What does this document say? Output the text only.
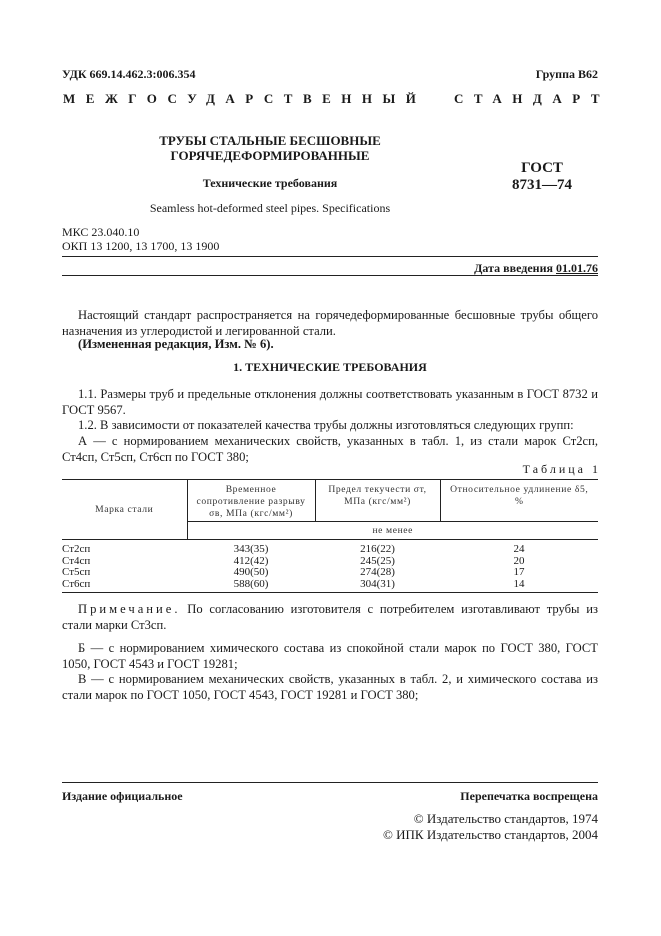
УДК 669.14.462.3:006.354	Группа В62
МЕЖГОСУДАРСТВЕННЫЙ СТАНДАРТ
ТРУБЫ СТАЛЬНЫЕ БЕСШОВНЫЕ
ГОРЯЧЕДЕФОРМИРОВАННЫЕ
Технические требования
Seamless hot-deformed steel pipes. Specifications
ГОСТ
8731—74
МКС 23.040.10
ОКП 13 1200, 13 1700, 13 1900
Дата введения 01.01.76
Настоящий стандарт распространяется на горячедеформированные бесшовные трубы общего назначения из углеродистой и легированной стали.
(Измененная редакция, Изм. № 6).
1. ТЕХНИЧЕСКИЕ ТРЕБОВАНИЯ
1.1. Размеры труб и предельные отклонения должны соответствовать указанным в ГОСТ 8732 и ГОСТ 9567.
1.2. В зависимости от показателей качества трубы должны изготовляться следующих групп:
А — с нормированием механических свойств, указанных в табл. 1, из стали марок Ст2сп, Ст4сп, Ст5сп, Ст6сп по ГОСТ 380;
Таблица 1
Марка стали	Временное сопротивление разрыву σв, МПа (кгс/мм²)	Предел текучести σт, МПа (кгс/мм²)	Относительное удлинение δ5, %
	не менее		

Ст2сп	343(35)	216(22)	24
Ст4сп	412(42)	245(25)	20
Ст5сп	490(50)	274(28)	17
Ст6сп	588(60)	304(31)	14
Примечание. По согласованию изготовителя с потребителем изготавливают трубы из стали марки Ст3сп.
Б — с нормированием химического состава из спокойной стали марок по ГОСТ 380, ГОСТ 1050, ГОСТ 4543 и ГОСТ 19281;
В — с нормированием механических свойств, указанных в табл. 2, и химического состава из стали марок по ГОСТ 1050, ГОСТ 4543, ГОСТ 19281 и ГОСТ 380;
Издание официальное	Перепечатка воспрещена
© Издательство стандартов, 1974
© ИПК Издательство стандартов, 2004
